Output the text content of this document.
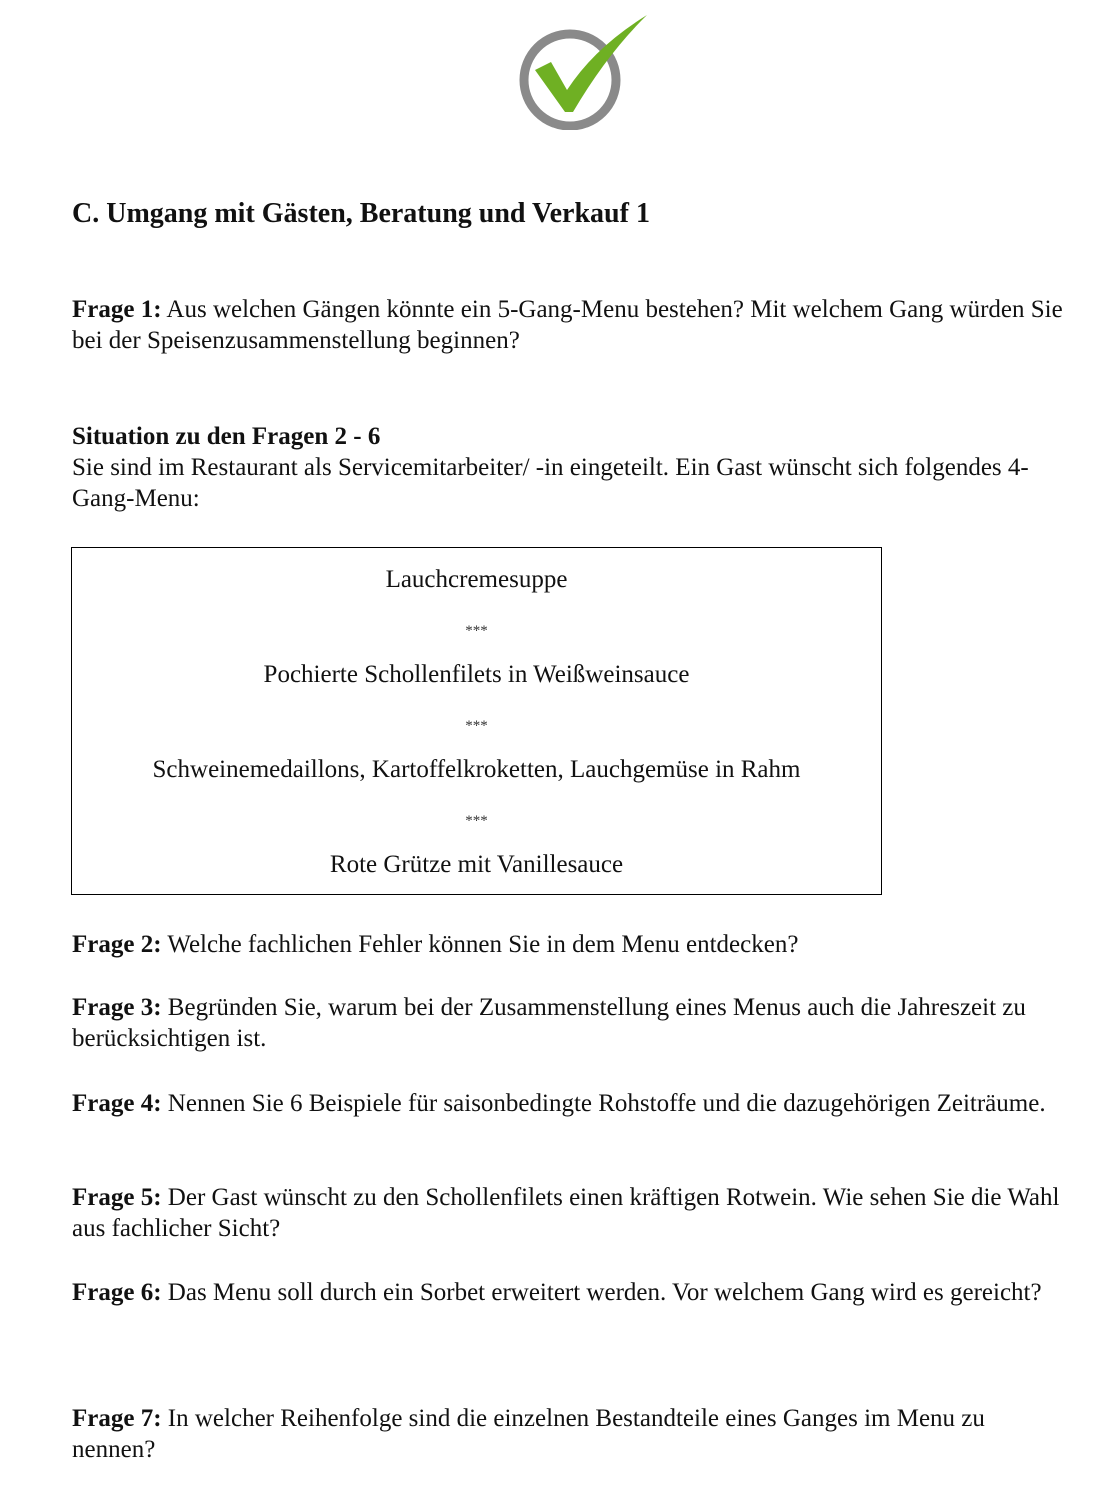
C. Umgang mit Gästen, Beratung und Verkauf 1

Frage 1: Aus welchen Gängen könnte ein 5-Gang-Menu bestehen? Mit welchem Gang würden Sie bei der Speisenzusammenstellung beginnen?

Situation zu den Fragen 2 - 6

Sie sind im Restaurant als Servicemitarbeiter/ -in eingeteilt. Ein Gast wünscht sich folgendes 4-Gang-Menu:

Lauchcremesuppe
***
Pochierte Schollenfilets in Weißweinsauce
***
Schweinemedaillons, Kartoffelkroketten, Lauchgemüse in Rahm
***
Rote Grütze mit Vanillesauce

Frage 2: Welche fachlichen Fehler können Sie in dem Menu entdecken?

Frage 3: Begründen Sie, warum bei der Zusammenstellung eines Menus auch die Jahreszeit zu berücksichtigen ist.

Frage 4: Nennen Sie 6 Beispiele für saisonbedingte Rohstoffe und die dazugehörigen Zeiträume.

Frage 5: Der Gast wünscht zu den Schollenfilets einen kräftigen Rotwein. Wie sehen Sie die Wahl aus fachlicher Sicht?

Frage 6: Das Menu soll durch ein Sorbet erweitert werden. Vor welchem Gang wird es gereicht?

Frage 7: In welcher Reihenfolge sind die einzelnen Bestandteile eines Ganges im Menu zu nennen?
